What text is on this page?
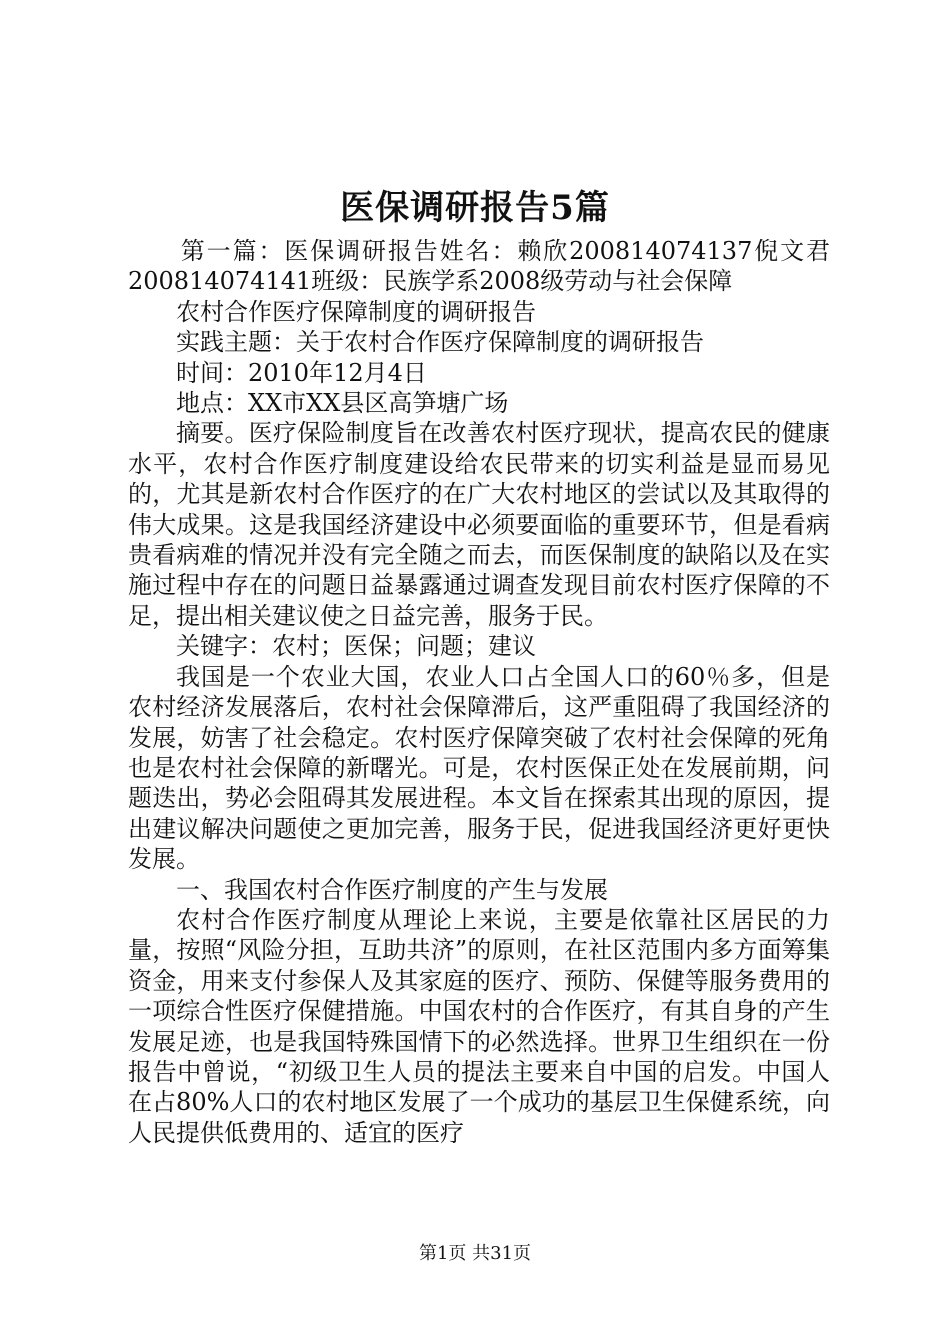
医保调研报告5篇

第一篇：医保调研报告姓名：赖欣200814074137倪文君200814074141班级：民族学系2008级劳动与社会保障

农村合作医疗保障制度的调研报告

实践主题：关于农村合作医疗保障制度的调研报告

时间：2010年12月4日

地点：XX市XX县区高笋塘广场

摘要。医疗保险制度旨在改善农村医疗现状，提高农民的健康水平，农村合作医疗制度建设给农民带来的切实利益是显而易见的，尤其是新农村合作医疗的在广大农村地区的尝试以及其取得的伟大成果。这是我国经济建设中必须要面临的重要环节，但是看病贵看病难的情况并没有完全随之而去，而医保制度的缺陷以及在实施过程中存在的问题日益暴露通过调查发现目前农村医疗保障的不足，提出相关建议使之日益完善，服务于民。

关键字：农村；医保；问题；建议

我国是一个农业大国，农业人口占全国人口的60％多，但是农村经济发展落后，农村社会保障滞后，这严重阻碍了我国经济的发展，妨害了社会稳定。农村医疗保障突破了农村社会保障的死角也是农村社会保障的新曙光。可是，农村医保正处在发展前期，问题迭出，势必会阻碍其发展进程。本文旨在探索其出现的原因，提出建议解决问题使之更加完善，服务于民，促进我国经济更好更快发展。

一、我国农村合作医疗制度的产生与发展

农村合作医疗制度从理论上来说，主要是依靠社区居民的力量，按照“风险分担，互助共济”的原则，在社区范围内多方面筹集资金，用来支付参保人及其家庭的医疗、预防、保健等服务费用的一项综合性医疗保健措施。中国农村的合作医疗，有其自身的产生发展足迹，也是我国特殊国情下的必然选择。世界卫生组织在一份报告中曾说，“初级卫生人员的提法主要来自中国的启发。中国人在占80%人口的农村地区发展了一个成功的基层卫生保健系统，向人民提供低费用的、适宜的医疗

第1页 共31页
